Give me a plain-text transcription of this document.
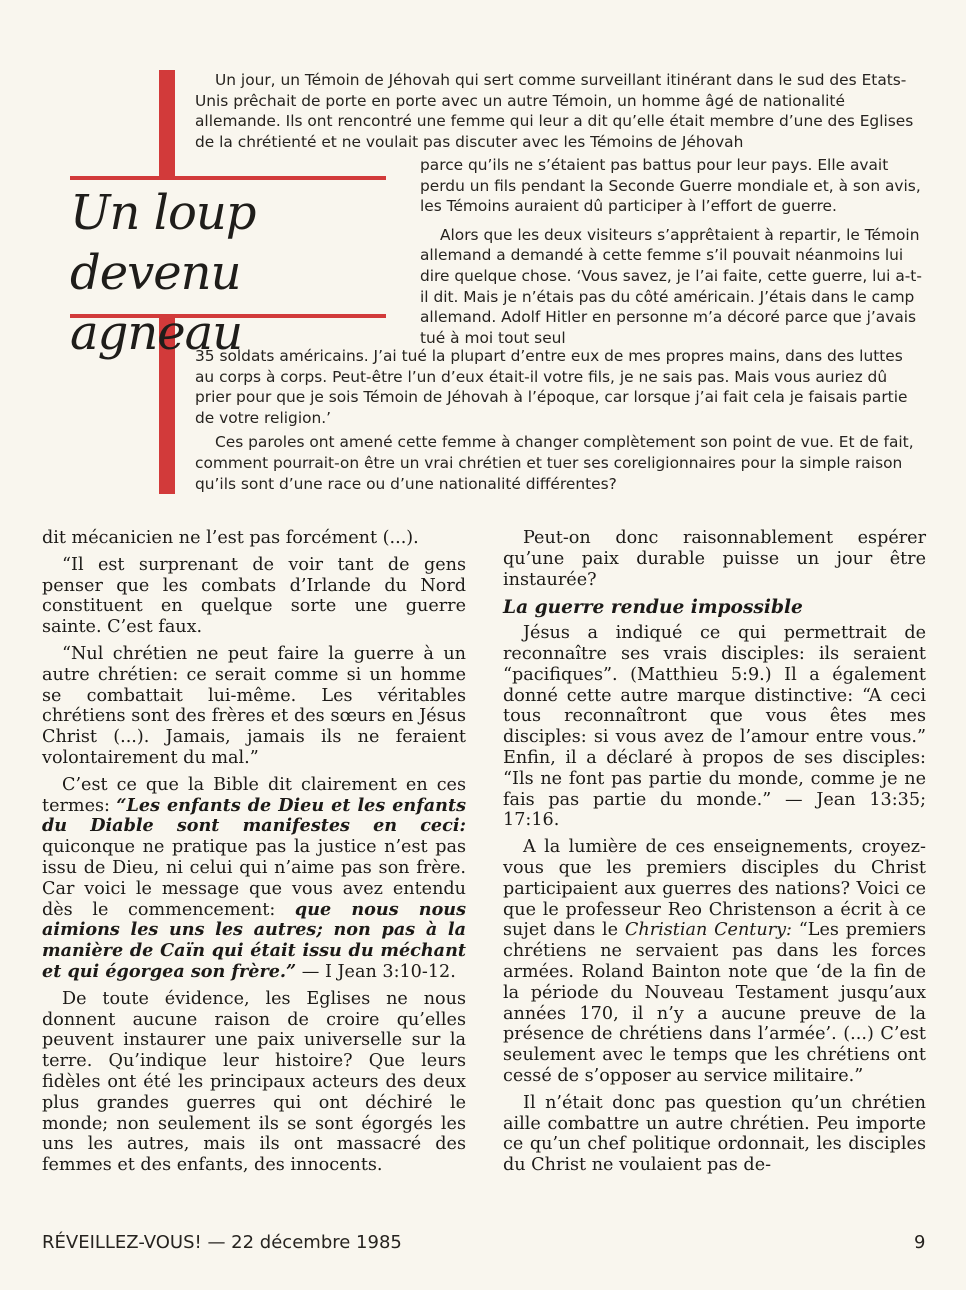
Un loup
devenu agneau

Un jour, un Témoin de Jéhovah qui sert comme surveillant itinérant dans le sud des Etats-Unis prêchait de porte en porte avec un autre Témoin, un homme âgé de nationalité allemande. Ils ont rencontré une femme qui leur a dit qu’elle était membre d’une des Eglises de la chrétienté et ne voulait pas discuter avec les Témoins de Jéhovah

parce qu’ils ne s’étaient pas battus pour leur pays. Elle avait perdu un fils pendant la Seconde Guerre mondiale et, à son avis, les Témoins auraient dû participer à l’effort de guerre.

Alors que les deux visiteurs s’apprêtaient à repartir, le Témoin allemand a demandé à cette femme s’il pouvait néanmoins lui dire quelque chose. ‘Vous savez, je l’ai faite, cette guerre, lui a-t-il dit. Mais je n’étais pas du côté américain. J’étais dans le camp allemand. Adolf Hitler en personne m’a décoré parce que j’avais tué à moi tout seul

35 soldats américains. J’ai tué la plupart d’entre eux de mes propres mains, dans des luttes au corps à corps. Peut-être l’un d’eux était-il votre fils, je ne sais pas. Mais vous auriez dû prier pour que je sois Témoin de Jéhovah à l’époque, car lorsque j’ai fait cela je faisais partie de votre religion.’

Ces paroles ont amené cette femme à changer complètement son point de vue. Et de fait, comment pourrait-on être un vrai chrétien et tuer ses coreligionnaires pour la simple raison qu’ils sont d’une race ou d’une nationalité différentes?

dit mécanicien ne l’est pas forcément (...).

“Il est surprenant de voir tant de gens penser que les combats d’Irlande du Nord constituent en quelque sorte une guerre sainte. C’est faux.

“Nul chrétien ne peut faire la guerre à un autre chrétien: ce serait comme si un homme se combattait lui-même. Les véritables chrétiens sont des frères et des sœurs en Jésus Christ (...). Jamais, jamais ils ne feraient volontairement du mal.”

C’est ce que la Bible dit clairement en ces termes: “Les enfants de Dieu et les enfants du Diable sont manifestes en ceci: quiconque ne pratique pas la justice n’est pas issu de Dieu, ni celui qui n’aime pas son frère. Car voici le message que vous avez entendu dès le commencement: que nous nous aimions les uns les autres; non pas à la manière de Caïn qui était issu du méchant et qui égorgea son frère.” — I Jean 3:10-12.

De toute évidence, les Eglises ne nous donnent aucune raison de croire qu’elles peuvent instaurer une paix universelle sur la terre. Qu’indique leur histoire? Que leurs fidèles ont été les principaux acteurs des deux plus grandes guerres qui ont déchiré le monde; non seulement ils se sont égorgés les uns les autres, mais ils ont massacré des femmes et des enfants, des innocents.

Peut-on donc raisonnablement espérer qu’une paix durable puisse un jour être instaurée?

La guerre rendue impossible

Jésus a indiqué ce qui permettrait de reconnaître ses vrais disciples: ils seraient “pacifiques”. (Matthieu 5:9.) Il a également donné cette autre marque distinctive: “A ceci tous reconnaîtront que vous êtes mes disciples: si vous avez de l’amour entre vous.” Enfin, il a déclaré à propos de ses disciples: “Ils ne font pas partie du monde, comme je ne fais pas partie du monde.” — Jean 13:35; 17:16.

A la lumière de ces enseignements, croyez-vous que les premiers disciples du Christ participaient aux guerres des nations? Voici ce que le professeur Reo Christenson a écrit à ce sujet dans le Christian Century: “Les premiers chrétiens ne servaient pas dans les forces armées. Roland Bainton note que ‘de la fin de la période du Nouveau Testament jusqu’aux années 170, il n’y a aucune preuve de la présence de chrétiens dans l’armée’. (...) C’est seulement avec le temps que les chrétiens ont cessé de s’opposer au service militaire.”

Il n’était donc pas question qu’un chrétien aille combattre un autre chrétien. Peu importe ce qu’un chef politique ordonnait, les disciples du Christ ne voulaient pas de-

RÉVEILLEZ-VOUS! — 22 décembre 1985	9
